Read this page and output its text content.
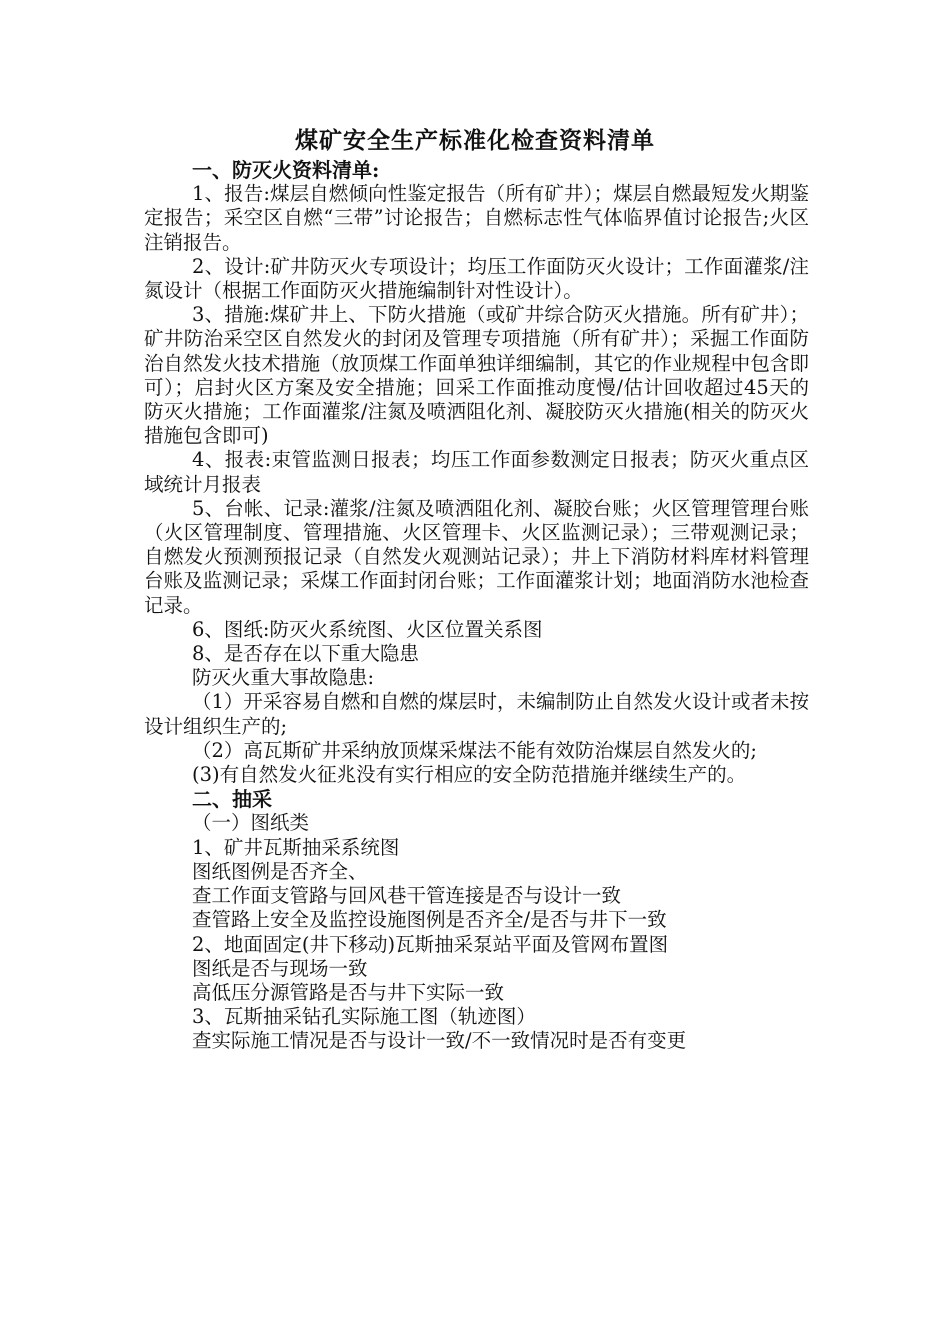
煤矿安全生产标准化检查资料清单

一、防灭火资料清单:

1、报告:煤层自燃倾向性鉴定报告（所有矿井）；煤层自燃最短发火期鉴定报告；采空区自燃“三带”讨论报告；自燃标志性气体临界值讨论报告;火区注销报告。

2、设计:矿井防灭火专项设计；均压工作面防灭火设计；工作面灌浆/注氮设计（根据工作面防灭火措施编制针对性设计）。

3、措施:煤矿井上、下防火措施（或矿井综合防灭火措施。所有矿井）；矿井防治采空区自然发火的封闭及管理专项措施（所有矿井）；采掘工作面防治自然发火技术措施（放顶煤工作面单独详细编制，其它的作业规程中包含即可）；启封火区方案及安全措施；回采工作面推动度慢/估计回收超过45天的防灭火措施；工作面灌浆/注氮及喷洒阻化剂、凝胶防灭火措施(相关的防灭火措施包含即可)

4、报表:束管监测日报表；均压工作面参数测定日报表；防灭火重点区域统计月报表

5、台帐、记录:灌浆/注氮及喷洒阻化剂、凝胶台账；火区管理管理台账（火区管理制度、管理措施、火区管理卡、火区监测记录）；三带观测记录；自燃发火预测预报记录（自然发火观测站记录）；井上下消防材料库材料管理台账及监测记录；采煤工作面封闭台账；工作面灌浆计划；地面消防水池检查记录。

6、图纸:防灭火系统图、火区位置关系图

8、是否存在以下重大隐患

防灭火重大事故隐患:

（1）开采容易自燃和自燃的煤层时，未编制防止自然发火设计或者未按设计组织生产的;

（2）高瓦斯矿井采纳放顶煤采煤法不能有效防治煤层自然发火的;

(3)有自然发火征兆没有实行相应的安全防范措施并继续生产的。

二、抽采

（一）图纸类

1、矿井瓦斯抽采系统图

图纸图例是否齐全、

查工作面支管路与回风巷干管连接是否与设计一致

查管路上安全及监控设施图例是否齐全/是否与井下一致

2、地面固定(井下移动)瓦斯抽采泵站平面及管网布置图

图纸是否与现场一致

高低压分源管路是否与井下实际一致

3、瓦斯抽采钻孔实际施工图（轨迹图）

查实际施工情况是否与设计一致/不一致情况时是否有变更
